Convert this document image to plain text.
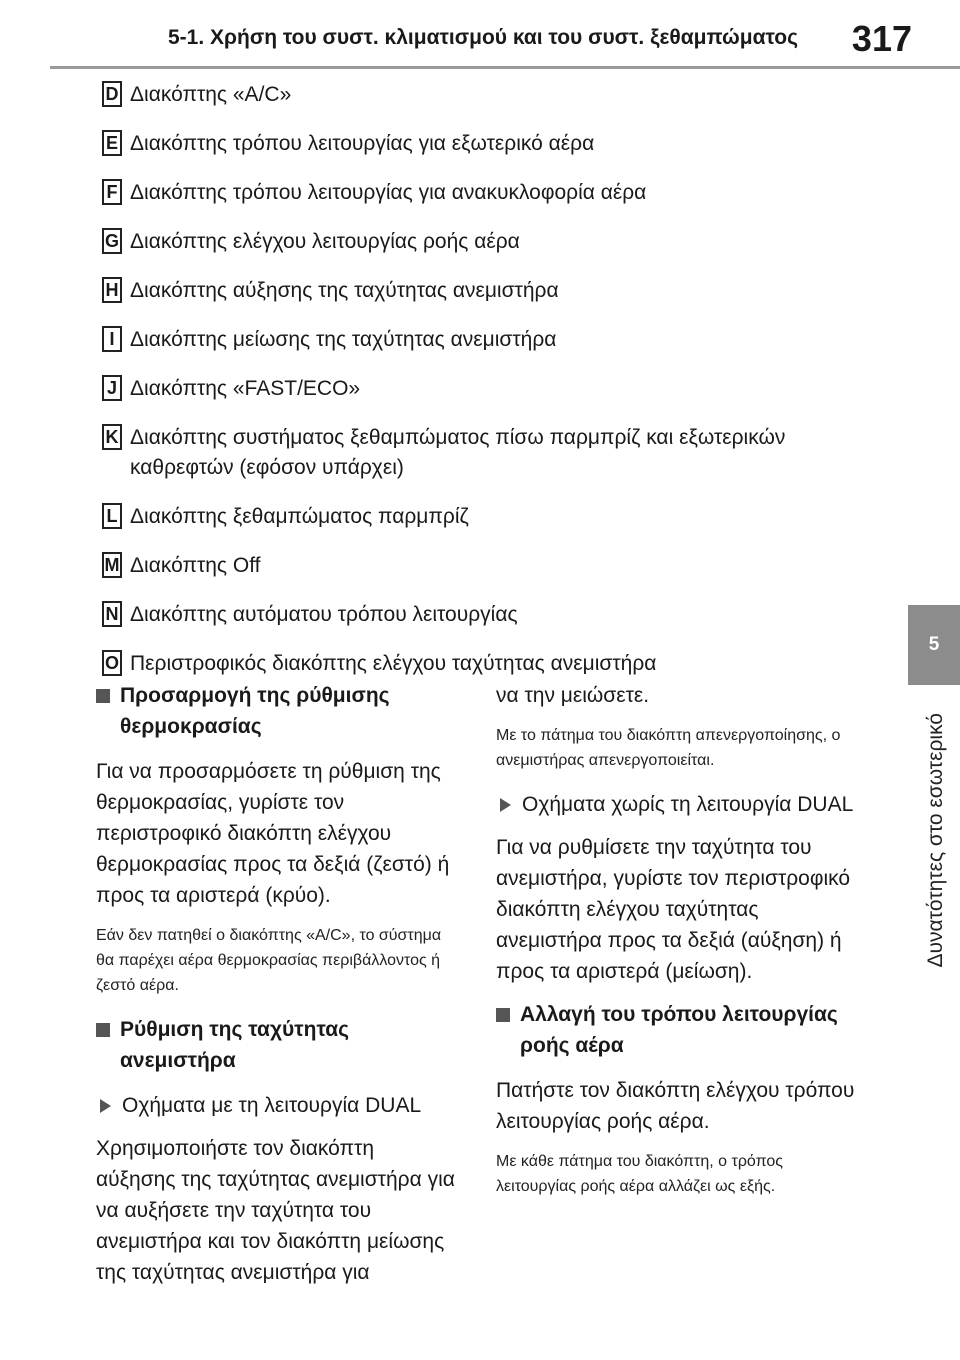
5-1. Χρήση του συστ. κλιματισμού και του συστ. ξεθαμπώματος	317
5
Δυνατότητες στο εσωτερικό
D Διακόπτης «A/C»
E Διακόπτης τρόπου λειτουργίας για εξωτερικό αέρα
F Διακόπτης τρόπου λειτουργίας για ανακυκλοφορία αέρα
G Διακόπτης ελέγχου λειτουργίας ροής αέρα
H Διακόπτης αύξησης της ταχύτητας ανεμιστήρα
I Διακόπτης μείωσης της ταχύτητας ανεμιστήρα
J Διακόπτης «FAST/ECO»
K Διακόπτης συστήματος ξεθαμπώματος πίσω παρμπρίζ και εξωτερικών καθρεφτών (εφόσον υπάρχει)
L Διακόπτης ξεθαμπώματος παρμπρίζ
M Διακόπτης Off
N Διακόπτης αυτόματου τρόπου λειτουργίας
O Περιστροφικός διακόπτης ελέγχου ταχύτητας ανεμιστήρα
Προσαρμογή της ρύθμισης θερμοκρασίας

Για να προσαρμόσετε τη ρύθμιση της θερμοκρασίας, γυρίστε τον περιστροφικό διακόπτη ελέγχου θερμοκρασίας προς τα δεξιά (ζεστό) ή προς τα αριστερά (κρύο).

Εάν δεν πατηθεί ο διακόπτης «A/C», το σύστημα θα παρέχει αέρα θερμοκρασίας περιβάλλοντος ή ζεστό αέρα.

Ρύθμιση της ταχύτητας ανεμιστήρα
Οχήματα με τη λειτουργία DUAL

Χρησιμοποιήστε τον διακόπτη αύξησης της ταχύτητας ανεμιστήρα για να αυξήσετε την ταχύτητα του ανεμιστήρα και τον διακόπτη μείωσης της ταχύτητας ανεμιστήρα για

να την μειώσετε.

Με το πάτημα του διακόπτη απενεργοποίησης, ο ανεμιστήρας απενεργοποιείται.

Οχήματα χωρίς τη λειτουργία DUAL

Για να ρυθμίσετε την ταχύτητα του ανεμιστήρα, γυρίστε τον περιστροφικό διακόπτη ελέγχου ταχύτητας ανεμιστήρα προς τα δεξιά (αύξηση) ή προς τα αριστερά (μείωση).

Αλλαγή του τρόπου λειτουργίας ροής αέρα

Πατήστε τον διακόπτη ελέγχου τρόπου λειτουργίας ροής αέρα.

Με κάθε πάτημα του διακόπτη, ο τρόπος λειτουργίας ροής αέρα αλλάζει ως εξής.
